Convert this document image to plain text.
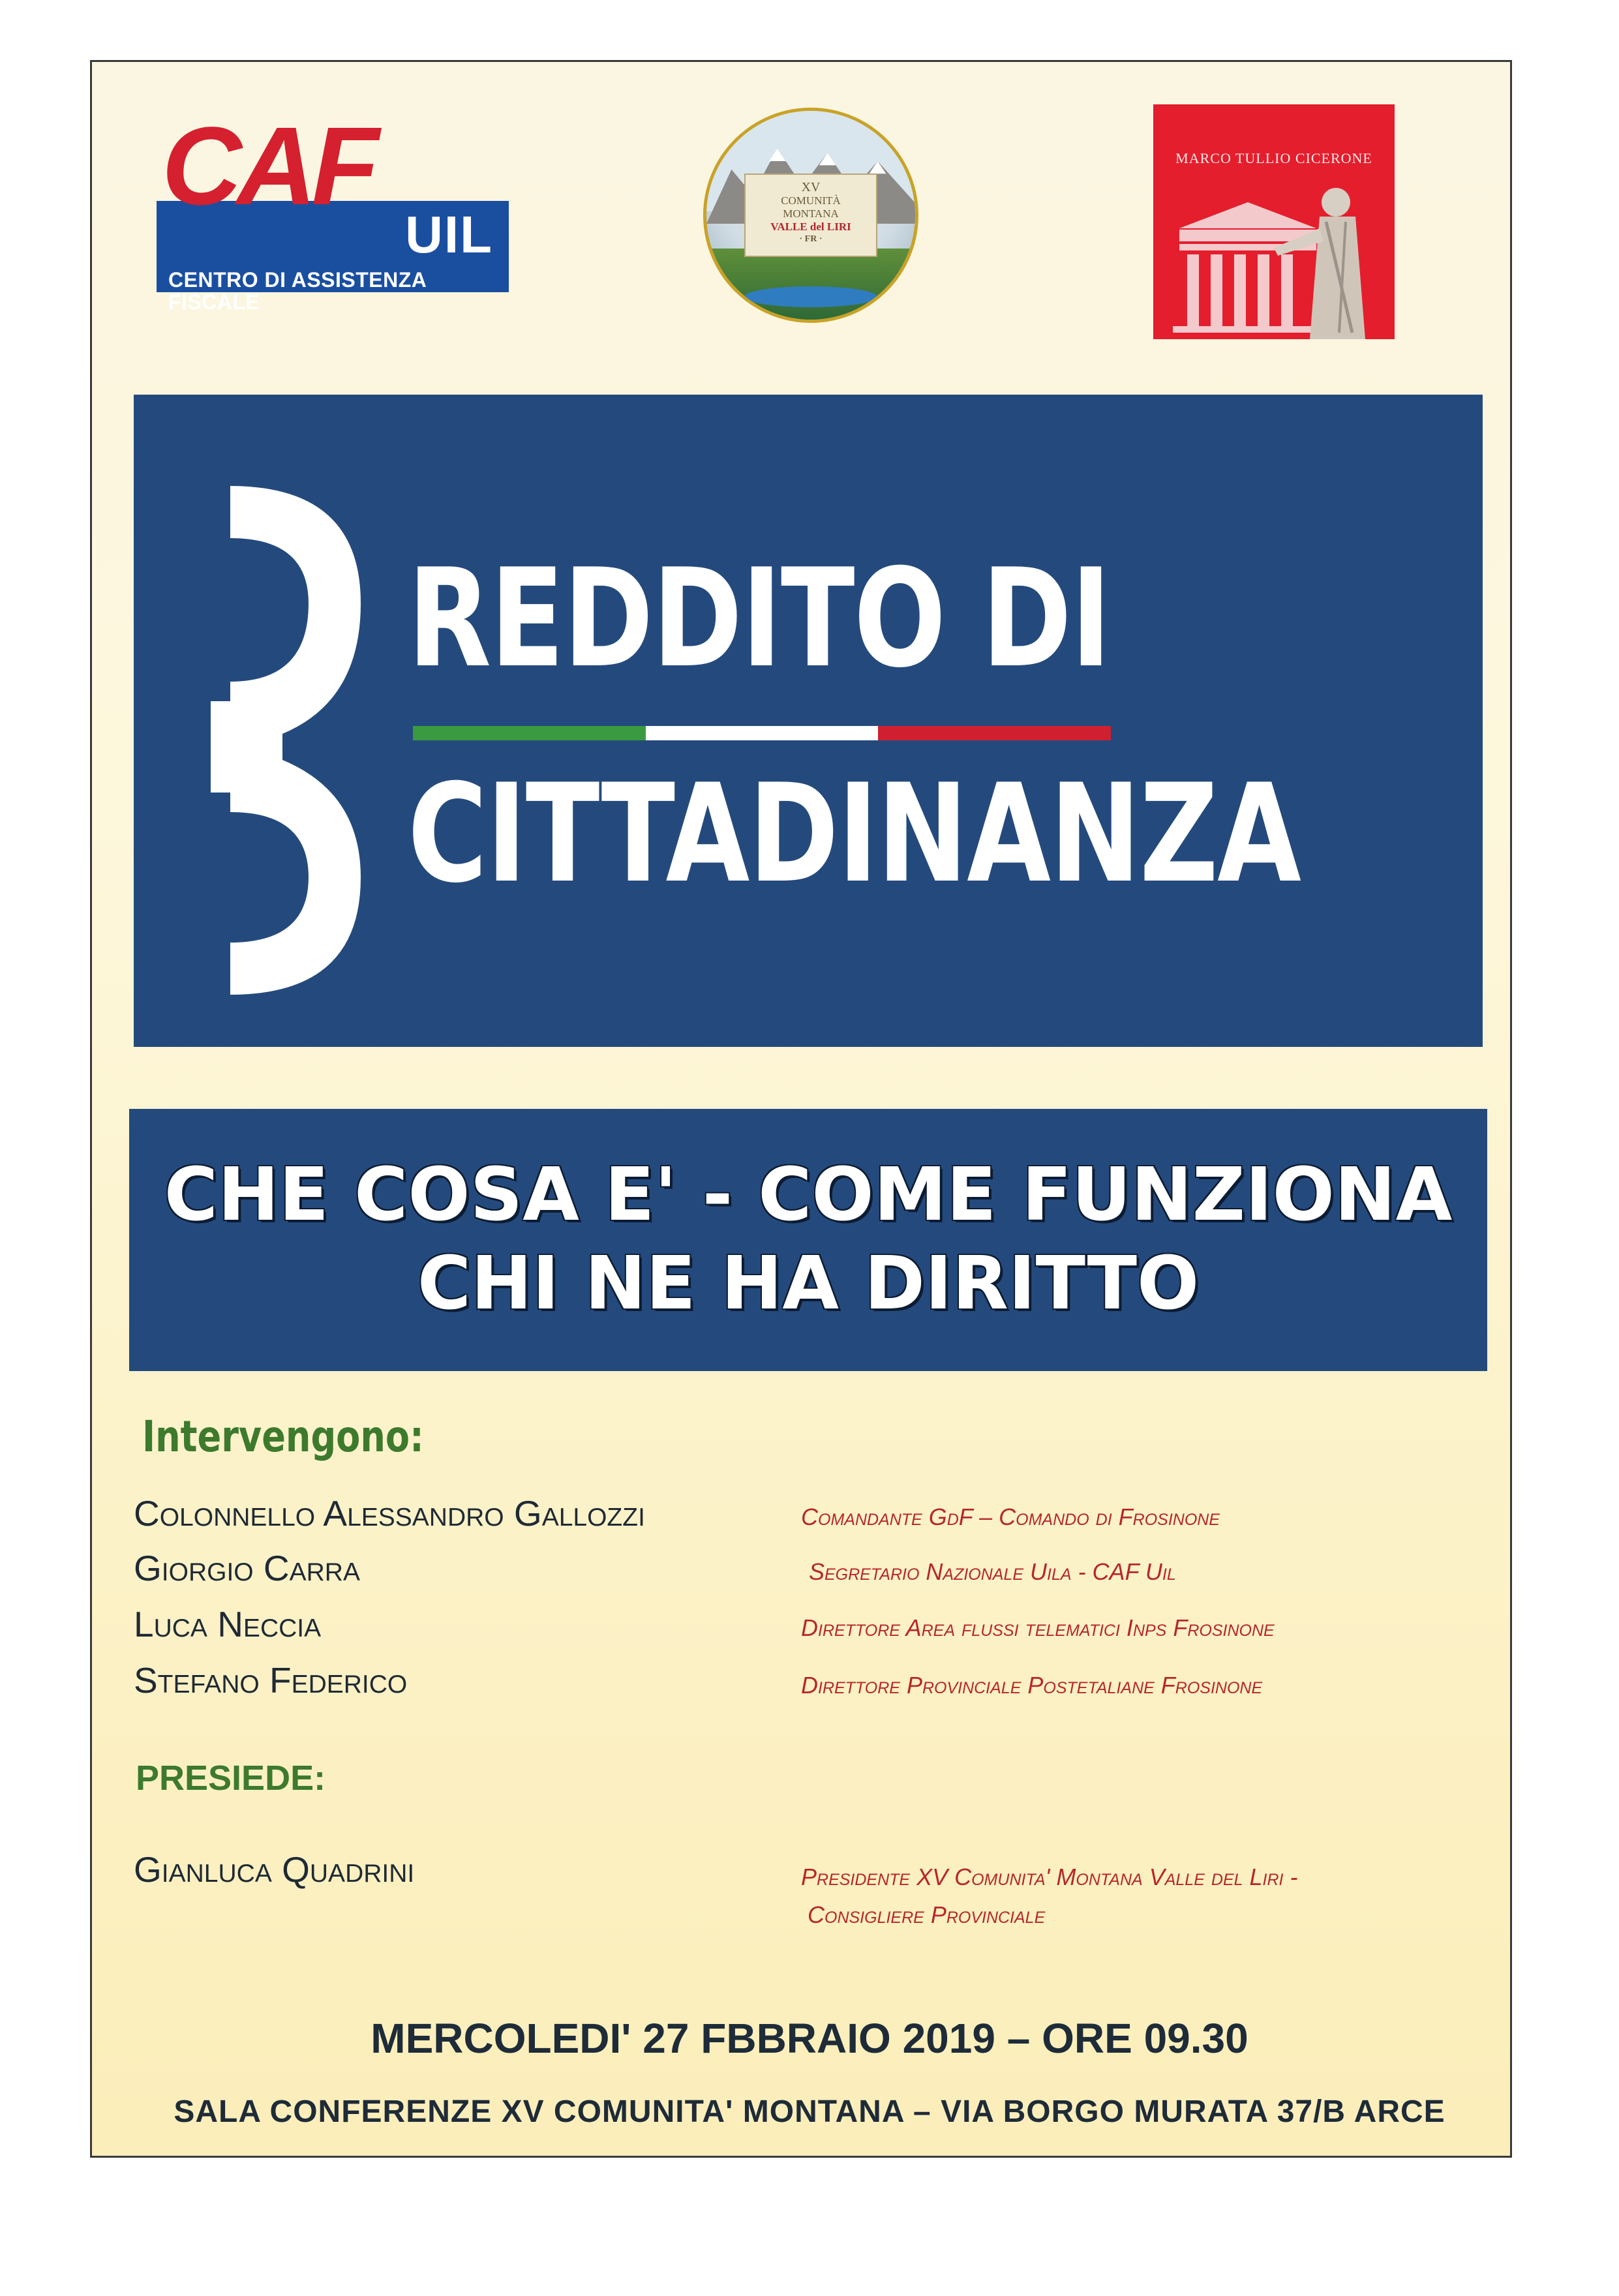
UIL
CENTRO DI ASSISTENZA FISCALE
CAF	XV
COMUNITÀ
MONTANA
VALLE del LIRI
· FR ·
MARCO TULLIO CICERONE
REDDITO DI
CITTADINANZA
CHE COSA E' - COME FUNZIONA
CHI NE HA DIRITTO
Intervengono:
Colonnello Alessandro Gallozzi	Comandante GdF – Comando di Frosinone
Giorgio Carra	Segretario Nazionale Uila - CAF Uil
Luca Neccia	Direttore Area flussi telematici Inps Frosinone
Stefano Federico	Direttore Provinciale Postetaliane Frosinone
PRESIEDE:
Gianluca Quadrini	Presidente XV Comunita' Montana Valle del Liri -
Consigliere Provinciale
MERCOLEDI' 27 FBBRAIO 2019 – ORE 09.30
SALA CONFERENZE XV COMUNITA' MONTANA – VIA BORGO MURATA 37/B ARCE
